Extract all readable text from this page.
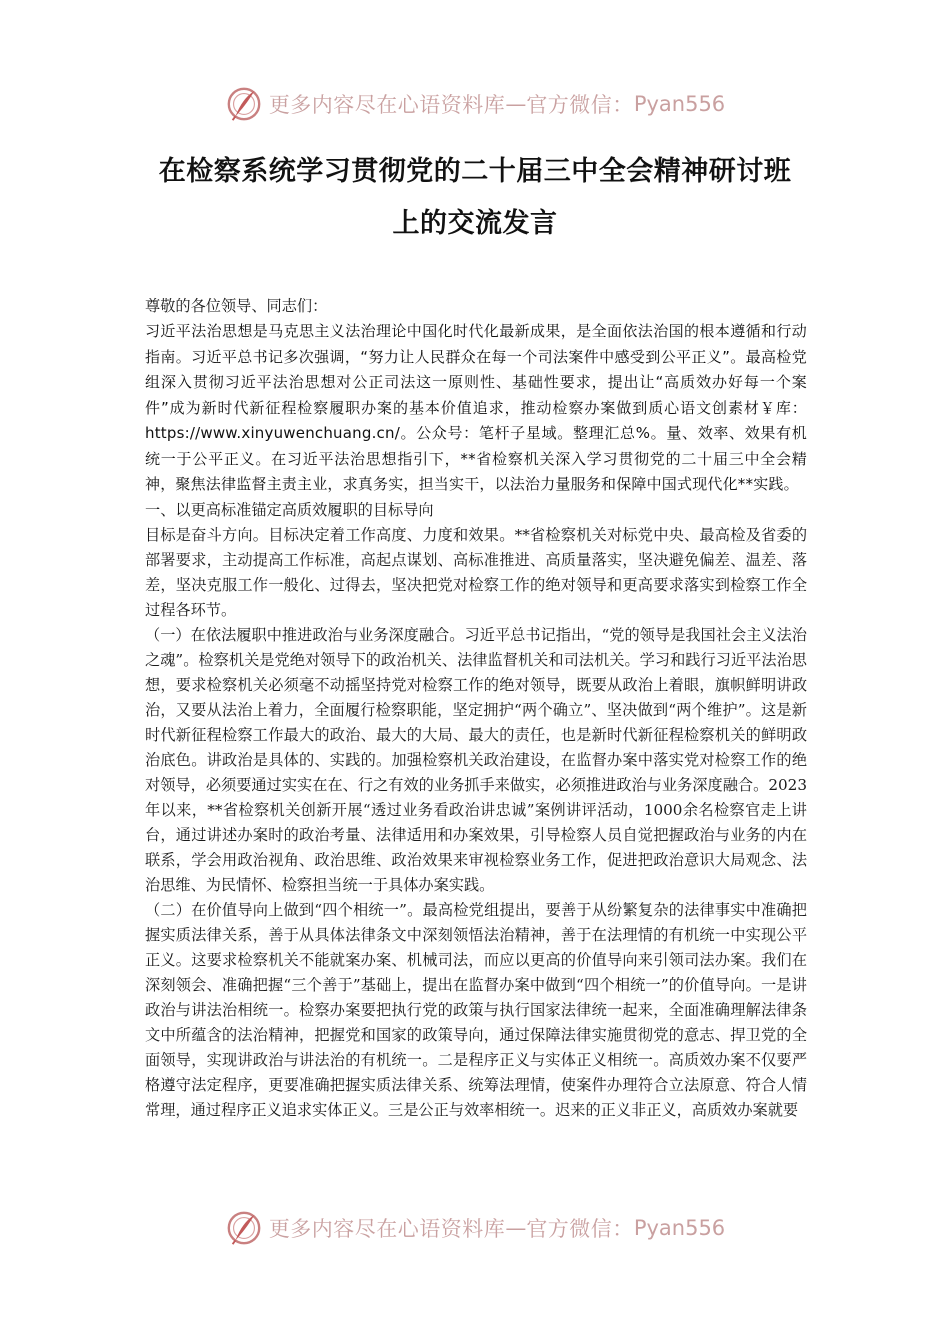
更多内容尽在心语资料库 — 官方微信： Pyan556
在检察系统学习贯彻党的二十届三中全会精神研讨班
上的交流发言

尊敬的各位领导、同志们：

习近平法治思想是马克思主义法治理论中国化时代化最新成果，是全面依法治国的根本遵循和行动指南。习近平总书记多次强调，“努力让人民群众在每一个司法案件中感受到公平正义”。最高检党组深入贯彻习近平法治思想对公正司法这一原则性、基础性要求，提出让“高质效办好每一个案件”成为新时代新征程检察履职办案的基本价值追求，推动检察办案做到质心语文创素材￥库：https://www.xinyuwenchuang.cn/。公众号：笔杆子星域。整理汇总%。量、效率、效果有机统一于公平正义。在习近平法治思想指引下，**省检察机关深入学习贯彻党的二十届三中全会精神，聚焦法律监督主责主业，求真务实，担当实干，以法治力量服务和保障中国式现代化**实践。

一、以更高标准锚定高质效履职的目标导向

目标是奋斗方向。目标决定着工作高度、力度和效果。**省检察机关对标党中央、最高检及省委的部署要求，主动提高工作标准，高起点谋划、高标准推进、高质量落实，坚决避免偏差、温差、落差，坚决克服工作一般化、过得去，坚决把党对检察工作的绝对领导和更高要求落实到检察工作全过程各环节。

（一）在依法履职中推进政治与业务深度融合。习近平总书记指出，“党的领导是我国社会主义法治之魂”。检察机关是党绝对领导下的政治机关、法律监督机关和司法机关。学习和践行习近平法治思想，要求检察机关必须毫不动摇坚持党对检察工作的绝对领导，既要从政治上着眼，旗帜鲜明讲政治，又要从法治上着力，全面履行检察职能，坚定拥护“两个确立”、坚决做到“两个维护”。这是新时代新征程检察工作最大的政治、最大的大局、最大的责任，也是新时代新征程检察机关的鲜明政治底色。讲政治是具体的、实践的。加强检察机关政治建设，在监督办案中落实党对检察工作的绝对领导，必须要通过实实在在、行之有效的业务抓手来做实，必须推进政治与业务深度融合。2023年以来，**省检察机关创新开展“透过业务看政治讲忠诚”案例讲评活动，1000余名检察官走上讲台，通过讲述办案时的政治考量、法律适用和办案效果，引导检察人员自觉把握政治与业务的内在联系，学会用政治视角、政治思维、政治效果来审视检察业务工作，促进把政治意识大局观念、法治思维、为民情怀、检察担当统一于具体办案实践。

（二）在价值导向上做到“四个相统一”。最高检党组提出，要善于从纷繁复杂的法律事实中准确把握实质法律关系，善于从具体法律条文中深刻领悟法治精神，善于在法理情的有机统一中实现公平正义。这要求检察机关不能就案办案、机械司法，而应以更高的价值导向来引领司法办案。我们在深刻领会、准确把握“三个善于”基础上，提出在监督办案中做到“四个相统一”的价值导向。一是讲政治与讲法治相统一。检察办案要把执行党的政策与执行国家法律统一起来，全面准确理解法律条文中所蕴含的法治精神，把握党和国家的政策导向，通过保障法律实施贯彻党的意志、捍卫党的全面领导，实现讲政治与讲法治的有机统一。二是程序正义与实体正义相统一。高质效办案不仅要严格遵守法定程序，更要准确把握实质法律关系、统筹法理情，使案件办理符合立法原意、符合人情常理，通过程序正义追求实体正义。三是公正与效率相统一。迟来的正义非正义，高质效办案就要

更多内容尽在心语资料库 — 官方微信： Pyan556
